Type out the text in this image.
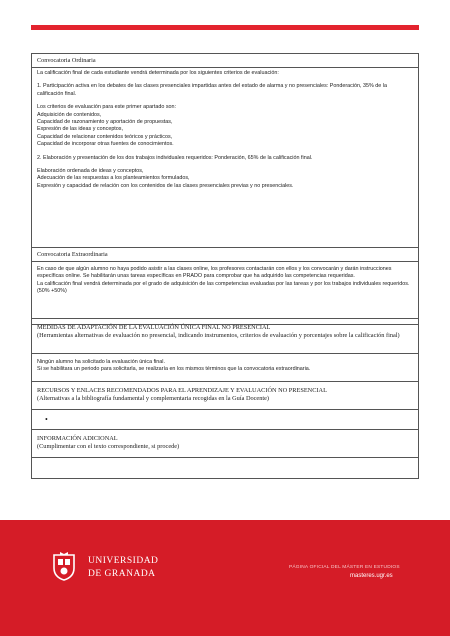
Convocatoria Ordinaria
La calificación final de cada estudiante vendrá determinada por los siguientes criterios de evaluación:
1. Participación activa en los debates de las clases presenciales impartidas antes del estado de alarma y no presenciales: Ponderación, 35% de la calificación final.
Los criterios de evaluación para este primer apartado son:
Adquisición de contenidos,
Capacidad de razonamiento y aportación de propuestas,
Expresión de las ideas y conceptos,
Capacidad de relacionar contenidos teóricos y prácticos,
Capacidad de incorporar otras fuentes de conocimientos.
2. Elaboración y presentación de los dos trabajos individuales requeridos: Ponderación, 65% de la calificación final.
Elaboración ordenada de ideas y conceptos,
Adecuación de las respuestas a los planteamientos formulados,
Expresión y capacidad de relación con los contenidos de las clases presenciales previas y no presenciales.
Convocatoria Extraordinaria
En caso de que algún alumno no haya podido asistir a las clases online, los profesores contactarán con ellos y los convocarán y darán instrucciones específicas online. Se habilitarán unas tareas específicas en PRADO para comprobar que ha adquirido las competencias requeridas.
La calificación final vendrá determinada por el grado de adquisición de las competencias evaluadas por las tareas y por los trabajos individuales requeridos. (50% +50%)
MEDIDAS DE ADAPTACIÓN DE LA EVALUACIÓN ÚNICA FINAL NO PRESENCIAL
(Herramientas alternativas de evaluación no presencial, indicando instrumentos, criterios de evaluación y porcentajes sobre la calificación final)
Ningún alumno ha solicitado la evaluación única final.
Si se habilitara un periodo para solicitarla, se realizaría en los mismos términos que la convocatoria extraordinaria.
RECURSOS Y ENLACES RECOMENDADOS PARA EL APRENDIZAJE Y EVALUACIÓN NO PRESENCIAL
(Alternativas a la bibliografía fundamental y complementaria recogidas en la Guía Docente)
•
INFORMACIÓN ADICIONAL
(Cumplimentar con el texto correspondiente, si procede)
UNIVERSIDAD
DE GRANADA
PÁGINA OFICIAL DEL MÁSTER EN ESTUDIOS
masteres.ugr.es
